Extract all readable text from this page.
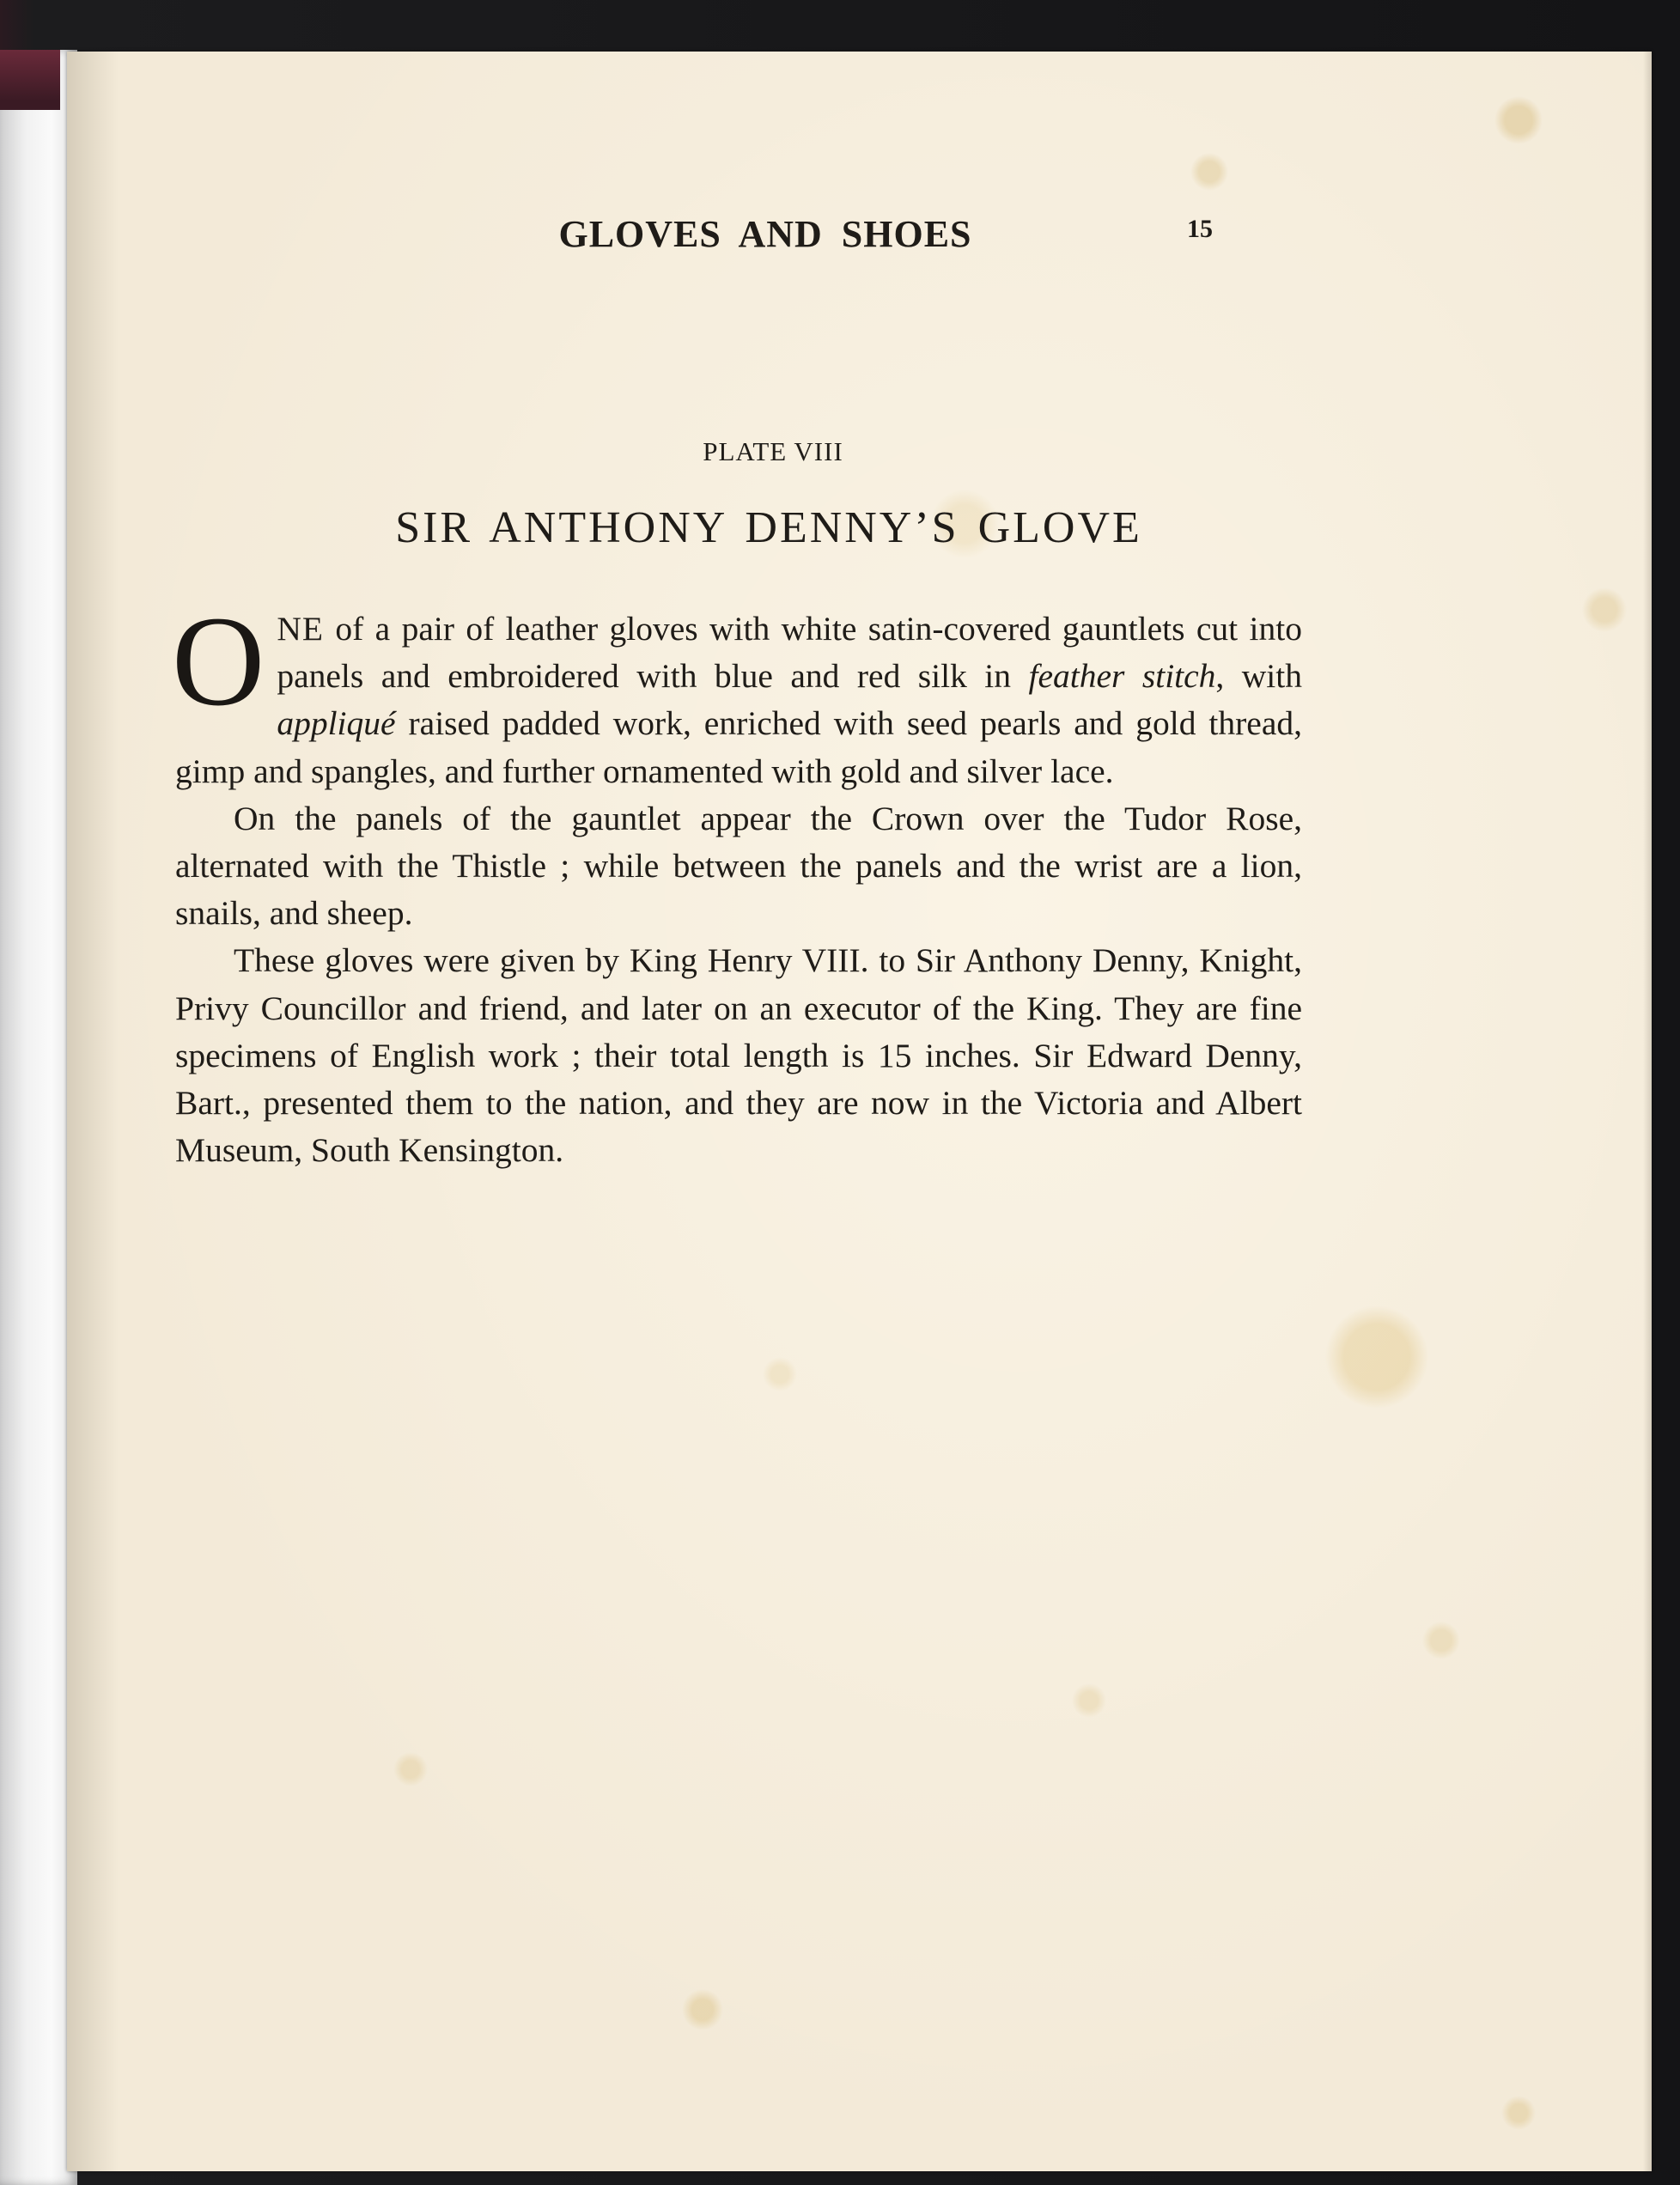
GLOVES AND SHOES	15
PLATE VIII
SIR ANTHONY DENNY’S GLOVE

ONE of a pair of leather gloves with white satin-covered gauntlets cut into panels and embroidered with blue and red silk in feather stitch, with appliqué raised padded work, enriched with seed pearls and gold thread, gimp and spangles, and further ornamented with gold and silver lace.

On the panels of the gauntlet appear the Crown over the Tudor Rose, alternated with the Thistle ; while between the panels and the wrist are a lion, snails, and sheep.

These gloves were given by King Henry VIII. to Sir Anthony Denny, Knight, Privy Councillor and friend, and later on an executor of the King. They are fine specimens of English work ; their total length is 15 inches. Sir Edward Denny, Bart., presented them to the nation, and they are now in the Victoria and Albert Museum, South Kensington.
